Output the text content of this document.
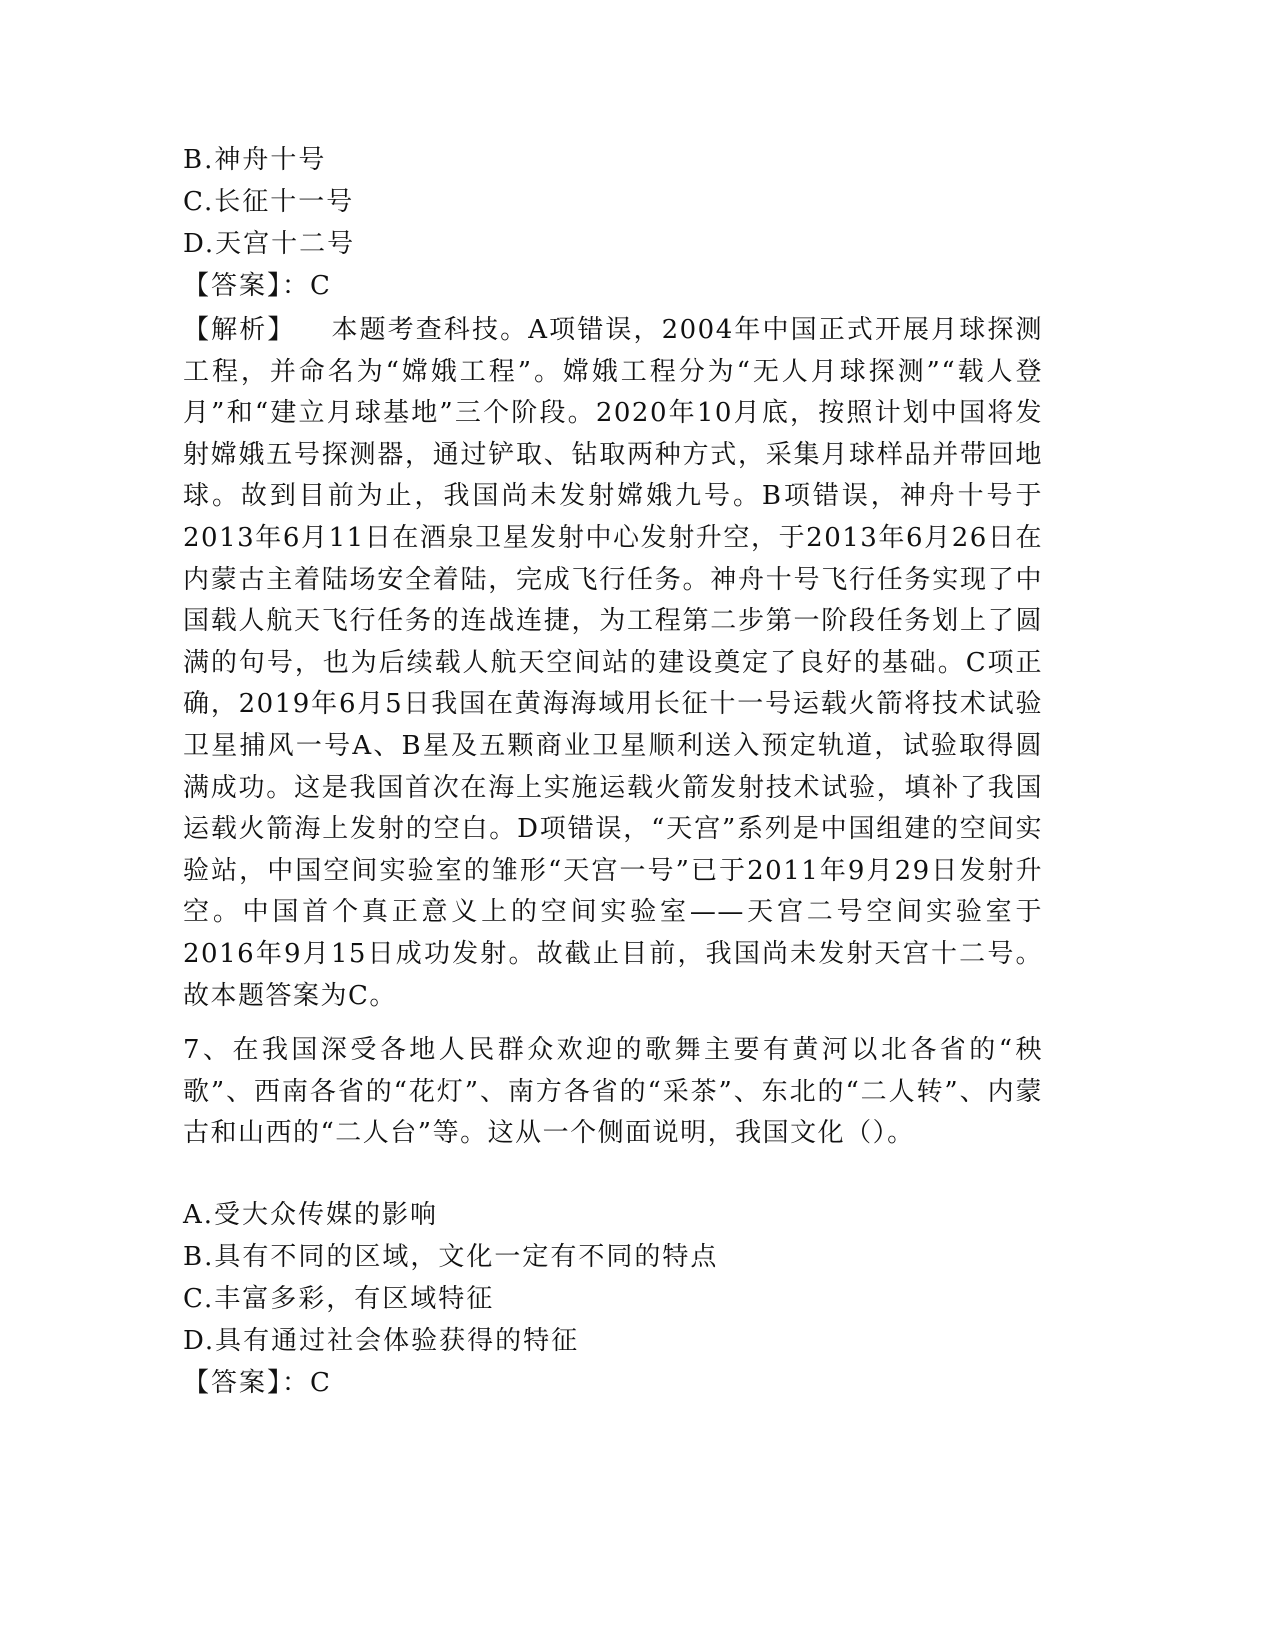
B.神舟十号
C.长征十一号
D.天宫十二号
【答案】：C
【解析】 本题考查科技。A项错误，2004年中国正式开展月球探测工程，并命名为“嫦娥工程”。嫦娥工程分为“无人月球探测”“载人登月”和“建立月球基地”三个阶段。2020年10月底，按照计划中国将发射嫦娥五号探测器，通过铲取、钻取两种方式，采集月球样品并带回地球。故到目前为止，我国尚未发射嫦娥九号。B项错误，神舟十号于2013年6月11日在酒泉卫星发射中心发射升空，于2013年6月26日在内蒙古主着陆场安全着陆，完成飞行任务。神舟十号飞行任务实现了中国载人航天飞行任务的连战连捷，为工程第二步第一阶段任务划上了圆满的句号，也为后续载人航天空间站的建设奠定了良好的基础。C项正确，2019年6月5日我国在黄海海域用长征十一号运载火箭将技术试验卫星捕风一号A、B星及五颗商业卫星顺利送入预定轨道，试验取得圆满成功。这是我国首次在海上实施运载火箭发射技术试验，填补了我国运载火箭海上发射的空白。D项错误，“天宫”系列是中国组建的空间实验站，中国空间实验室的雏形“天宫一号”已于2011年9月29日发射升空。中国首个真正意义上的空间实验室——天宫二号空间实验室于2016年9月15日成功发射。故截止目前，我国尚未发射天宫十二号。故本题答案为C。
7、在我国深受各地人民群众欢迎的歌舞主要有黄河以北各省的“秧歌”、西南各省的“花灯”、南方各省的“采茶”、东北的“二人转”、内蒙古和山西的“二人台”等。这从一个侧面说明，我国文化（）。
A.受大众传媒的影响
B.具有不同的区域，文化一定有不同的特点
C.丰富多彩，有区域特征
D.具有通过社会体验获得的特征
【答案】：C
